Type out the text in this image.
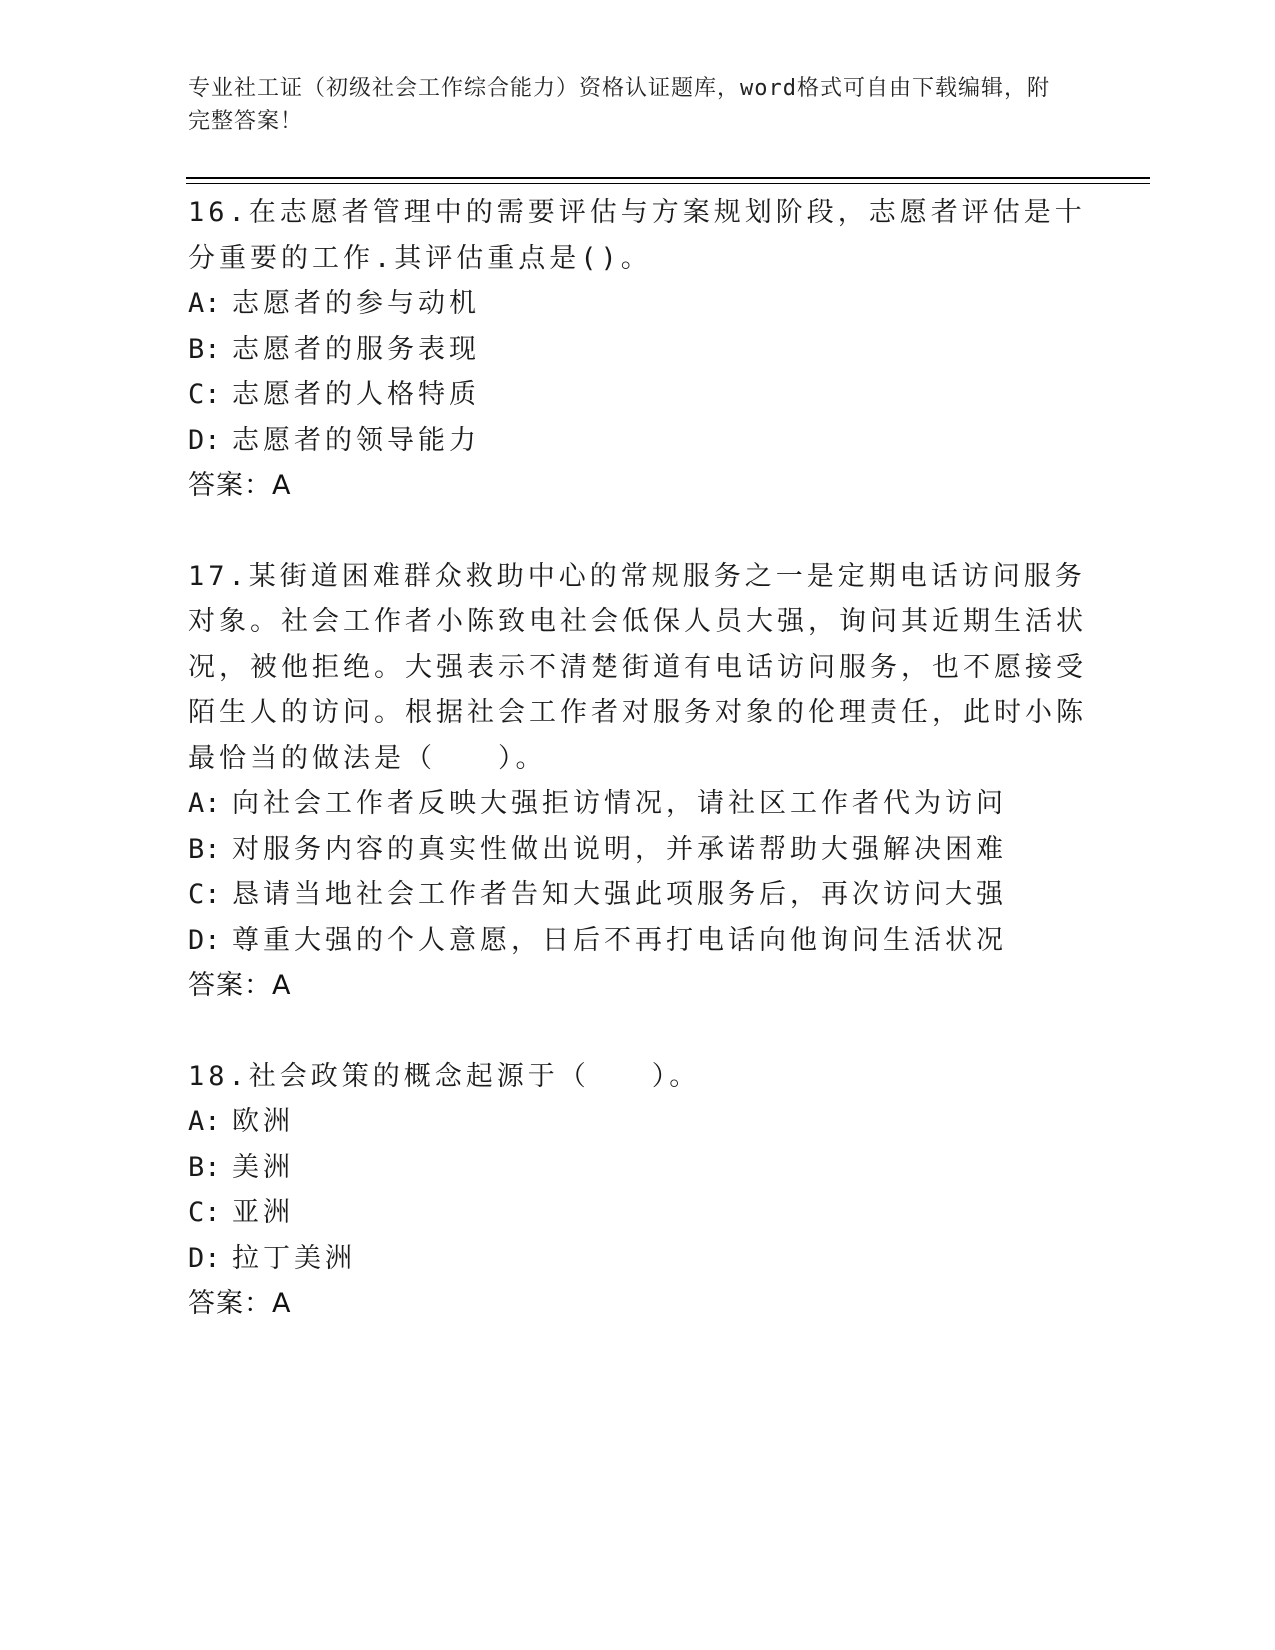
专业社工证（初级社会工作综合能力）资格认证题库，word格式可自由下载编辑，附完整答案！

16.在志愿者管理中的需要评估与方案规划阶段，志愿者评估是十分重要的工作.其评估重点是()。

A: 志愿者的参与动机

B: 志愿者的服务表现

C: 志愿者的人格特质

D: 志愿者的领导能力

答案：A

17.某街道困难群众救助中心的常规服务之一是定期电话访问服务对象。社会工作者小陈致电社会低保人员大强，询问其近期生活状况，被他拒绝。大强表示不清楚街道有电话访问服务，也不愿接受陌生人的访问。根据社会工作者对服务对象的伦理责任，此时小陈最恰当的做法是（　　）。

A: 向社会工作者反映大强拒访情况，请社区工作者代为访问

B: 对服务内容的真实性做出说明，并承诺帮助大强解决困难

C: 恳请当地社会工作者告知大强此项服务后，再次访问大强

D: 尊重大强的个人意愿，日后不再打电话向他询问生活状况

答案：A

18.社会政策的概念起源于（　　）。

A: 欧洲

B: 美洲

C: 亚洲

D: 拉丁美洲

答案：A
